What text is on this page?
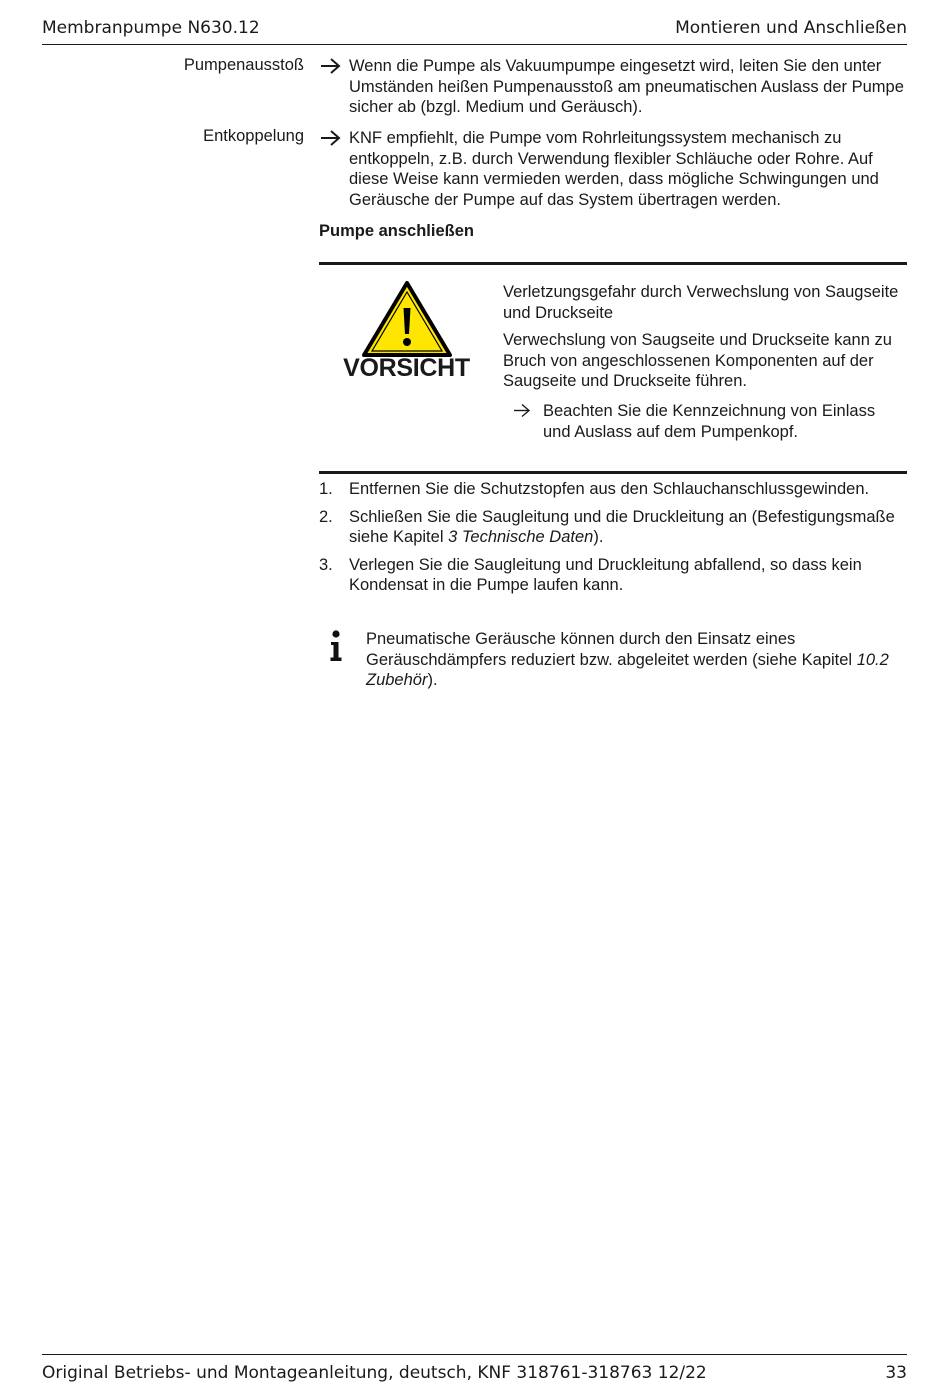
Membranpumpe N630.12	Montieren und Anschließen
Pumpenausstoß	Wenn die Pumpe als Vakuumpumpe eingesetzt wird, leiten Sie den unter Umständen heißen Pumpenausstoß am pneumatischen Auslass der Pumpe sicher ab (bzgl. Medium und Geräusch).
Entkoppelung	KNF empfiehlt, die Pumpe vom Rohrleitungssystem mechanisch zu entkoppeln, z.B. durch Verwendung flexibler Schläuche oder Rohre. Auf diese Weise kann vermieden werden, dass mögliche Schwingungen und Geräusche der Pumpe auf das System übertragen werden.
Pumpe anschließen
VORSICHT
Verletzungsgefahr durch Verwechslung von Saugseite und Druckseite
Verwechslung von Saugseite und Druckseite kann zu Bruch von angeschlossenen Komponenten auf der Saugseite und Druckseite führen.
Beachten Sie die Kennzeichnung von Einlass und Auslass auf dem Pumpenkopf.
1. Entfernen Sie die Schutzstopfen aus den Schlauchanschlussgewinden.
2. Schließen Sie die Saugleitung und die Druckleitung an (Befestigungsmaße siehe Kapitel 3 Technische Daten).
3. Verlegen Sie die Saugleitung und Druckleitung abfallend, so dass kein Kondensat in die Pumpe laufen kann.
Pneumatische Geräusche können durch den Einsatz eines Geräuschdämpfers reduziert bzw. abgeleitet werden (siehe Kapitel 10.2 Zubehör).
Original Betriebs- und Montageanleitung, deutsch, KNF 318761-318763 12/22	33
